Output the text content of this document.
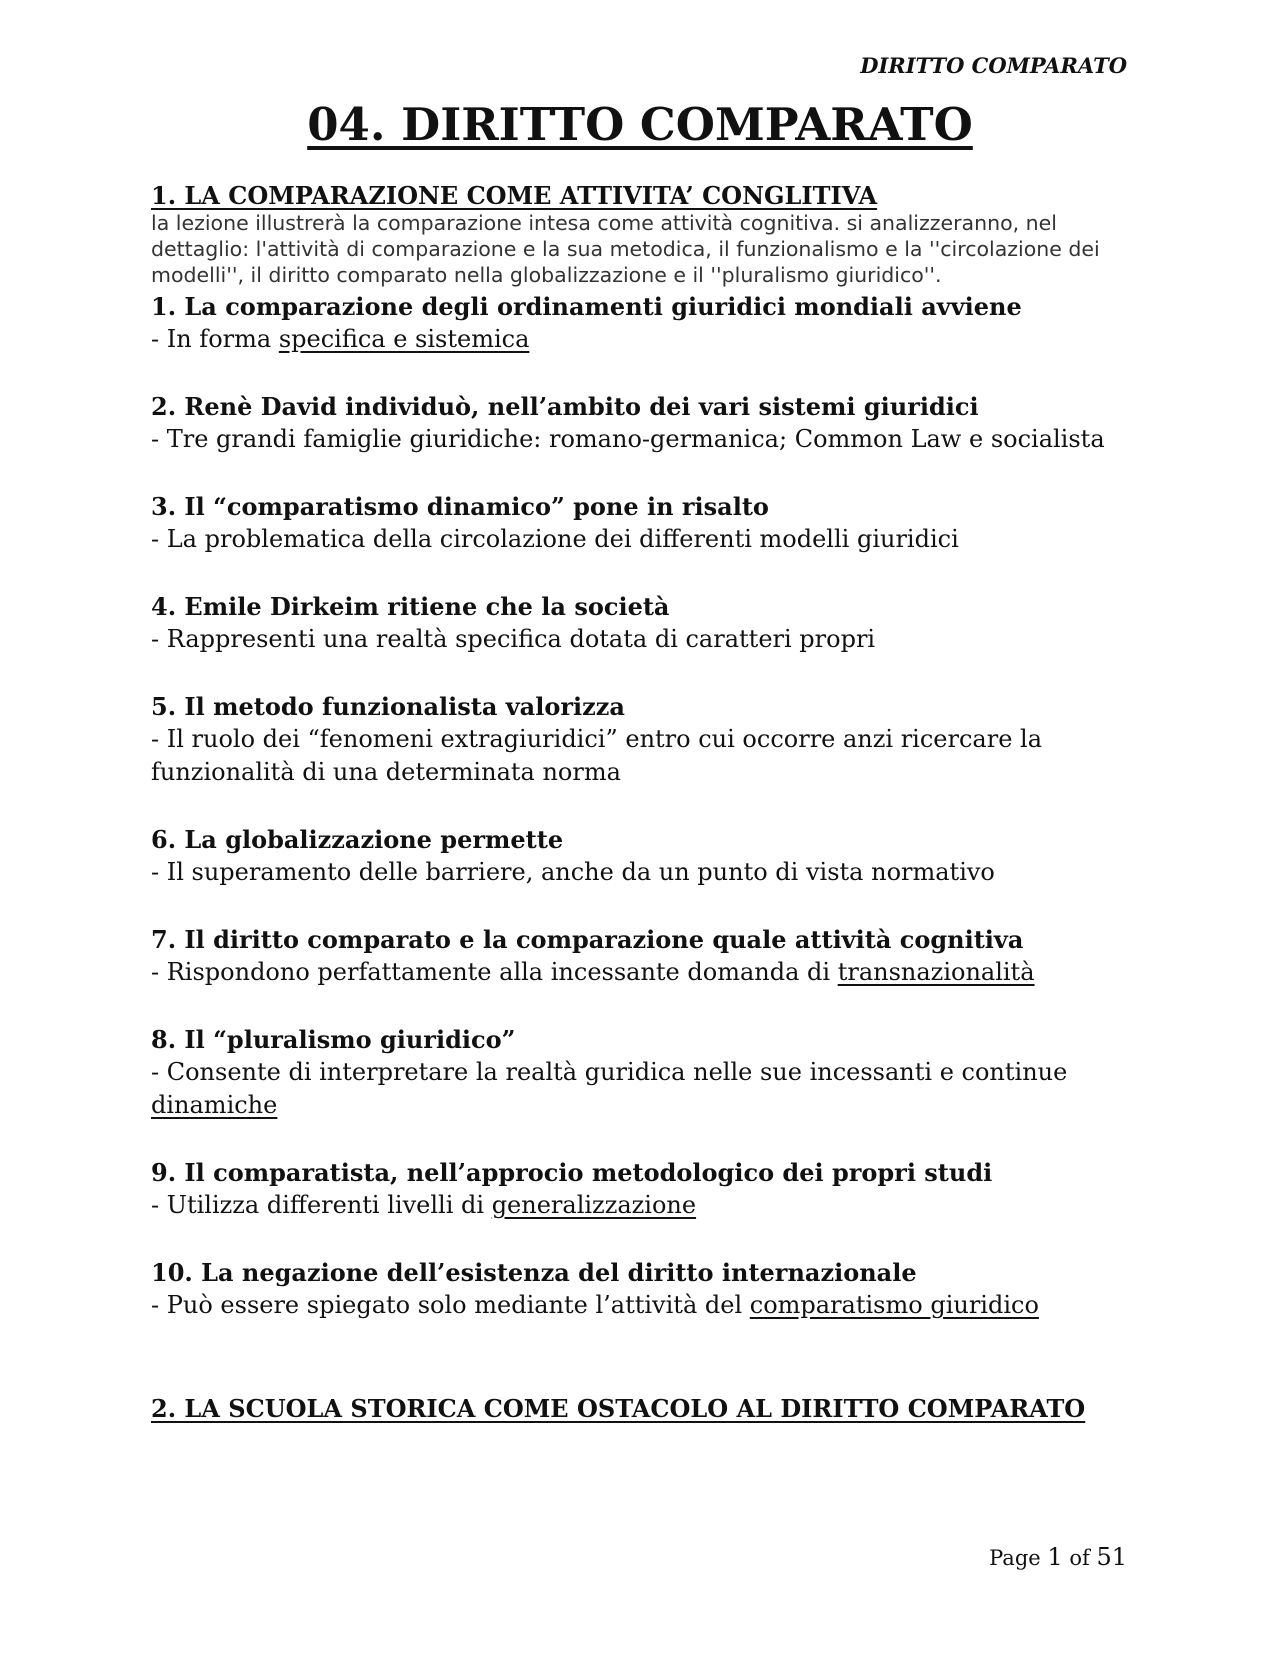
DIRITTO COMPARATO
04. DIRITTO COMPARATO
1. LA COMPARAZIONE COME ATTIVITA’ CONGLITIVA

la lezione illustrerà la comparazione intesa come attività cognitiva. si analizzeranno, nel dettaglio: l'attività di comparazione e la sua metodica, il funzionalismo e la ''circolazione dei modelli'', il diritto comparato nella globalizzazione e il ''pluralismo giuridico''.

1. La comparazione degli ordinamenti giuridici mondiali avviene

- In forma specifica e sistemica

2. Renè David individuò, nell’ambito dei vari sistemi giuridici

- Tre grandi famiglie giuridiche: romano-germanica; Common Law e socialista

3. Il “comparatismo dinamico” pone in risalto

- La problematica della circolazione dei differenti modelli giuridici

4. Emile Dirkeim ritiene che la società

- Rappresenti una realtà specifica dotata di caratteri propri

5. Il metodo funzionalista valorizza

- Il ruolo dei “fenomeni extragiuridici” entro cui occorre anzi ricercare la funzionalità di una determinata norma

6. La globalizzazione permette

- Il superamento delle barriere, anche da un punto di vista normativo

7. Il diritto comparato e la comparazione quale attività cognitiva

- Rispondono perfattamente alla incessante domanda di transnazionalità

8. Il “pluralismo giuridico”

- Consente di interpretare la realtà guridica nelle sue incessanti e continue dinamiche

9. Il comparatista, nell’approcio metodologico dei propri studi

- Utilizza differenti livelli di generalizzazione

10. La negazione dell’esistenza del diritto internazionale

- Può essere spiegato solo mediante l’attività del comparatismo giuridico

2. LA SCUOLA STORICA COME OSTACOLO AL DIRITTO COMPARATO
Page 1 of 51
